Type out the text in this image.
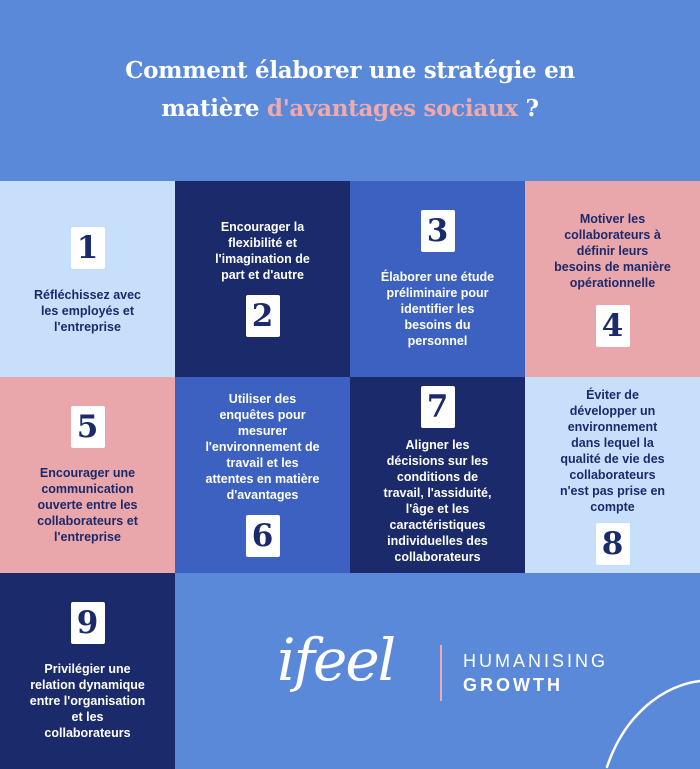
Comment élaborer une stratégie en
matière d'avantages sociaux ?
1
Réfléchissez avec
les employés et
l'entreprise
Encourager la
flexibilité et
l'imagination de
part et d'autre
2
3
Élaborer une étude
préliminaire pour
identifier les
besoins du
personnel
Motiver les
collaborateurs à
définir leurs
besoins de manière
opérationnelle
4
5
Encourager une
communication
ouverte entre les
collaborateurs et
l'entreprise
Utiliser des
enquêtes pour
mesurer
l'environnement de
travail et les
attentes en matière
d'avantages
6
7
Aligner les
décisions sur les
conditions de
travail, l'assiduité,
l'âge et les
caractéristiques
individuelles des
collaborateurs
Éviter de
développer un
environnement
dans lequel la
qualité de vie des
collaborateurs
n'est pas prise en
compte
8
9
Privilégier une
relation dynamique
entre l'organisation
et les
collaborateurs
ifeel	HUMANISING
GROWTH
